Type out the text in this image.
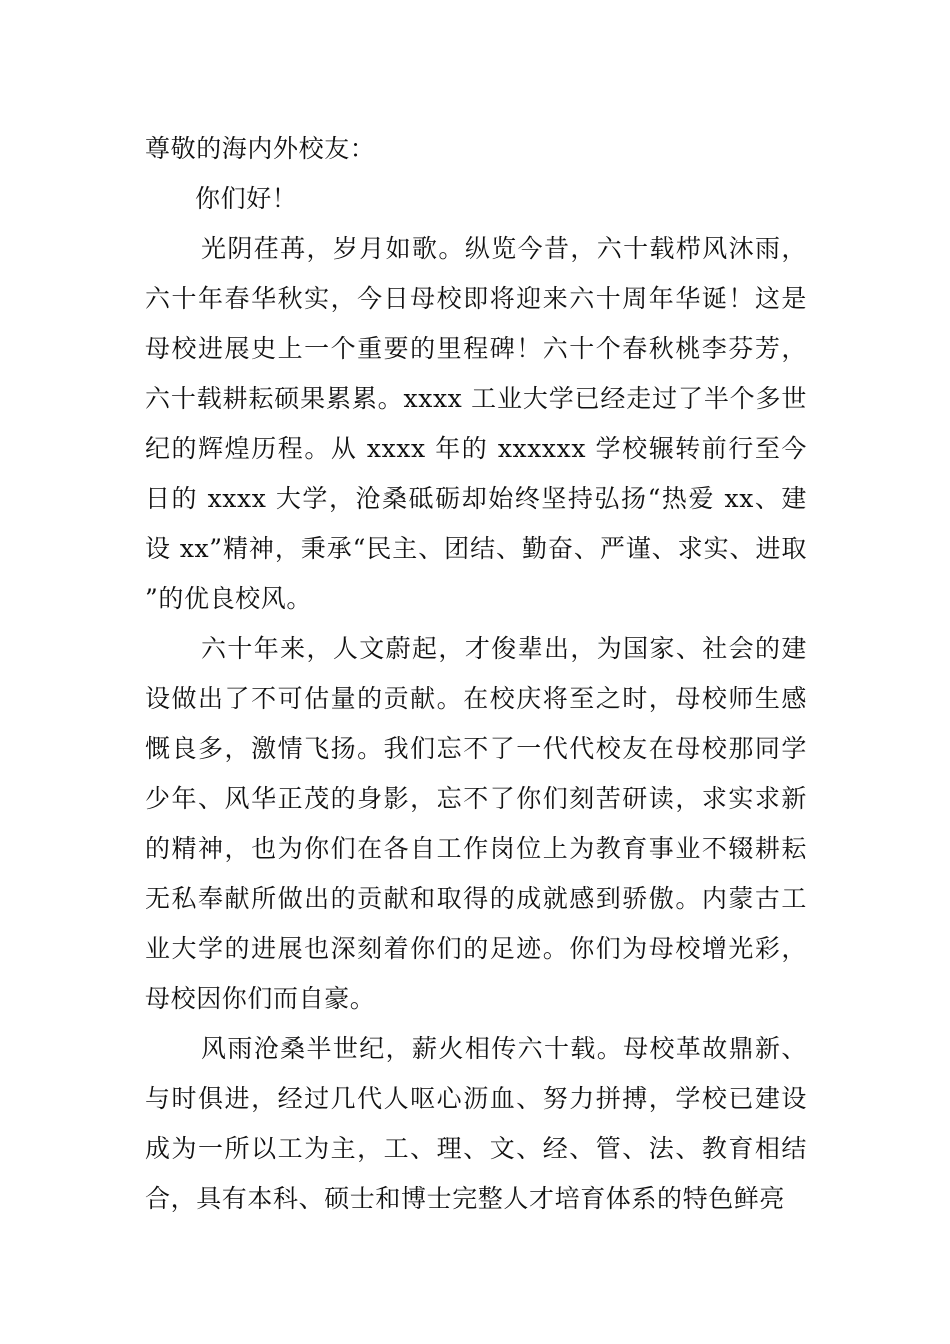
尊敬的海内外校友：

你们好！

光阴荏苒，岁月如歌。纵览今昔，六十载栉风沐雨，六十年春华秋实，今日母校即将迎来六十周年华诞！这是母校进展史上一个重要的里程碑！六十个春秋桃李芬芳，六十载耕耘硕果累累。xxxx 工业大学已经走过了半个多世纪的辉煌历程。从 xxxx 年的 xxxxxx 学校辗转前行至今日的 xxxx 大学，沧桑砥砺却始终坚持弘扬“热爱 xx、建设 xx”精神，秉承“民主、团结、勤奋、严谨、求实、进取”的优良校风。

六十年来，人文蔚起，才俊辈出，为国家、社会的建设做出了不可估量的贡献。在校庆将至之时，母校师生感慨良多，激情飞扬。我们忘不了一代代校友在母校那同学少年、风华正茂的身影，忘不了你们刻苦研读，求实求新的精神，也为你们在各自工作岗位上为教育事业不辍耕耘无私奉献所做出的贡献和取得的成就感到骄傲。内蒙古工业大学的进展也深刻着你们的足迹。你们为母校增光彩，母校因你们而自豪。

风雨沧桑半世纪，薪火相传六十载。母校革故鼎新、与时俱进，经过几代人呕心沥血、努力拼搏，学校已建设成为一所以工为主，工、理、文、经、管、法、教育相结合，具有本科、硕士和博士完整人才培育体系的特色鲜亮
